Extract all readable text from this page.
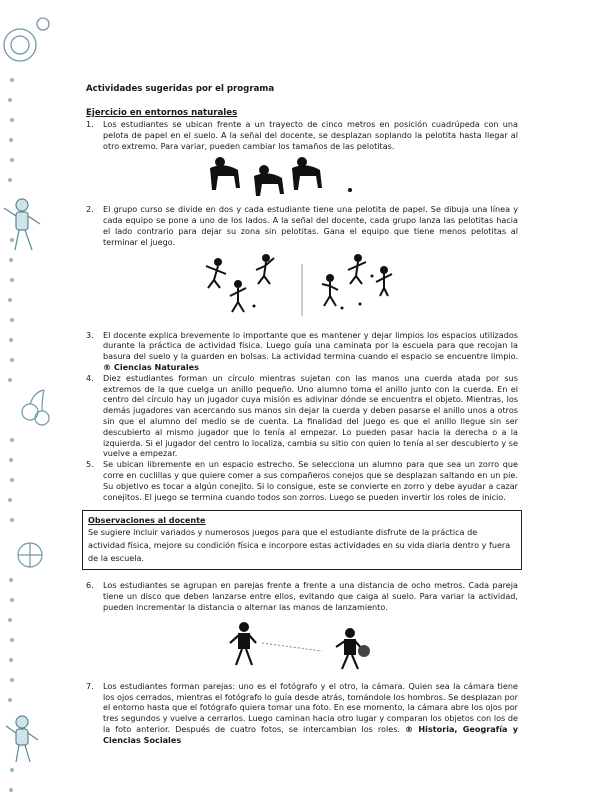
Actividades sugeridas por el programa
Ejercicio en entornos naturales
1.	Los estudiantes se ubican frente a un trayecto de cinco metros en posición cuadrúpeda con una pelota de papel en el suelo. A la señal del docente, se desplazan soplando la pelotita hasta llegar al otro extremo. Para variar, pueden cambiar los tamaños de las pelotitas.
2.	El grupo curso se divide en dos y cada estudiante tiene una pelotita de papel. Se dibuja una línea y cada equipo se pone a uno de los lados. A la señal del docente, cada grupo lanza las pelotitas hacia el lado contrario para dejar su zona sin pelotitas. Gana el equipo que tiene menos pelotitas al terminar el juego.
3.	El docente explica brevemente lo importante que es mantener y dejar limpios los espacios utilizados durante la práctica de actividad física. Luego guía una caminata por la escuela para que recojan la basura del suelo y la guarden en bolsas. La actividad termina cuando el espacio se encuentre limpio. ® Ciencias Naturales
4.	Diez estudiantes forman un círculo mientras sujetan con las manos una cuerda atada por sus extremos de la que cuelga un anillo pequeño. Uno alumno toma el anillo junto con la cuerda. En el centro del círculo hay un jugador cuya misión es adivinar dónde se encuentra el objeto. Mientras, los demás jugadores van acercando sus manos sin dejar la cuerda y deben pasarse el anillo unos a otros sin que el alumno del medio se de cuenta. La finalidad del juego es que el anillo llegue sin ser descubierto al mismo jugador que lo tenía al empezar. Lo pueden pasar hacia la derecha o a la izquierda. Si el jugador del centro lo localiza, cambia su sitio con quien lo tenía al ser descubierto y se vuelve a empezar.
5.	Se ubican libremente en un espacio estrecho. Se selecciona un alumno para que sea un zorro que corre en cuclillas y que quiere comer a sus compañeros conejos que se desplazan saltando en un pie. Su objetivo es tocar a algún conejito. Si lo consigue, este se convierte en zorro y debe ayudar a cazar conejitos. El juego se termina cuando todos son zorros. Luego se pueden invertir los roles de inicio.
Observaciones al docente
Se sugiere incluir variados y numerosos juegos para que el estudiante disfrute de la práctica de actividad física, mejore su condición física e incorpore estas actividades en su vida diaria dentro y fuera de la escuela.
6.	Los estudiantes se agrupan en parejas frente a frente a una distancia de ocho metros. Cada pareja tiene un disco que deben lanzarse entre ellos, evitando que caiga al suelo. Para variar la actividad, pueden incrementar la distancia o alternar las manos de lanzamiento.
7.	Los estudiantes forman parejas: uno es el fotógrafo y el otro, la cámara. Quien sea la cámara tiene los ojos cerrados, mientras el fotógrafo lo guía desde atrás, tomándole los hombros. Se desplazan por el entorno hasta que el fotógrafo quiera tomar una foto. En ese momento, la cámara abre los ojos por tres segundos y vuelve a cerrarlos. Luego caminan hacia otro lugar y comparan los objetos con los de la foto anterior. Después de cuatro fotos, se intercambian los roles. ® Historia, Geografía y Ciencias Sociales
